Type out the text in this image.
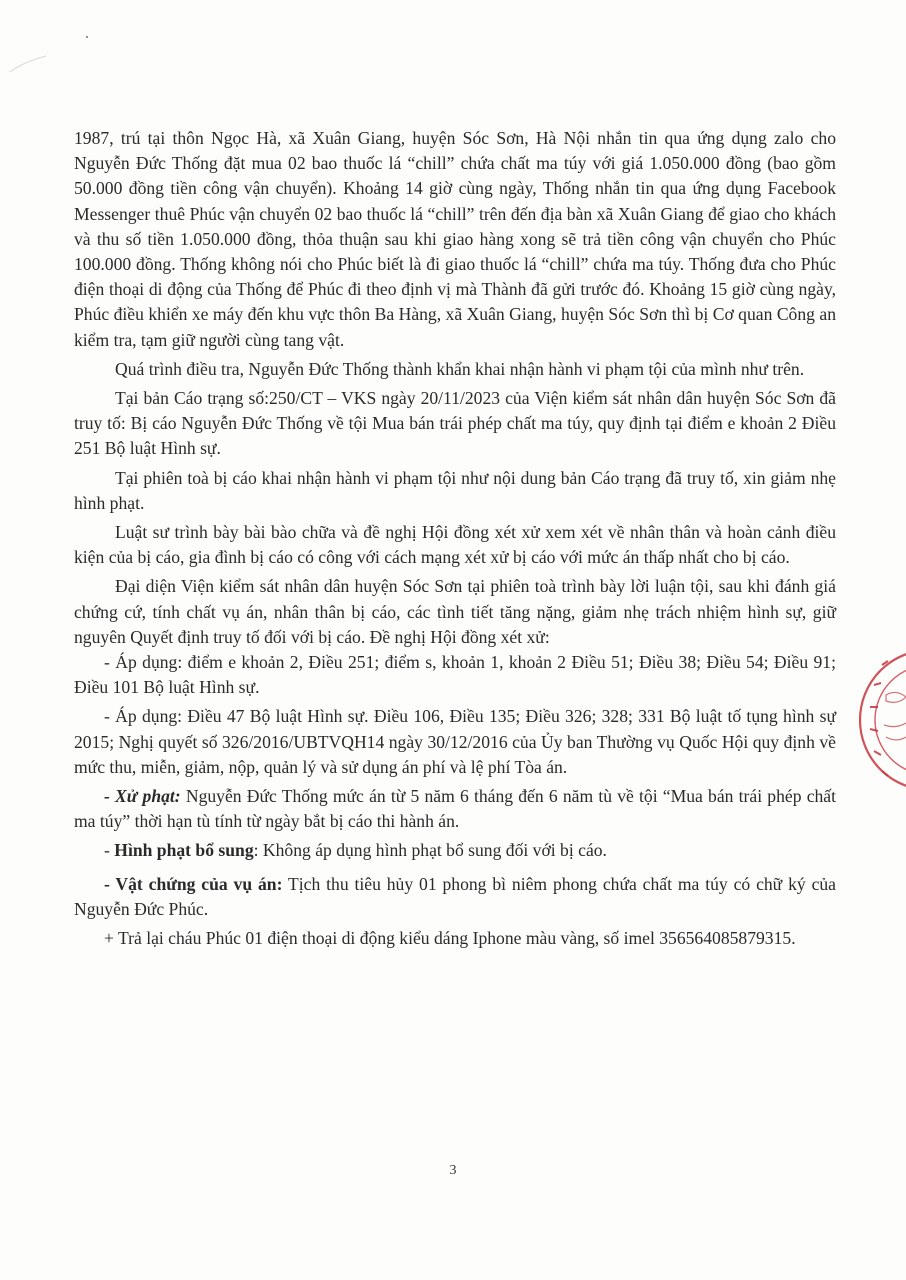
1987, trú tại thôn Ngọc Hà, xã Xuân Giang, huyện Sóc Sơn, Hà Nội nhắn tin qua ứng dụng zalo cho Nguyễn Đức Thống đặt mua 02 bao thuốc lá “chill” chứa chất ma túy với giá 1.050.000 đồng (bao gồm 50.000 đồng tiền công vận chuyển). Khoảng 14 giờ cùng ngày, Thống nhắn tin qua ứng dụng Facebook Messenger thuê Phúc vận chuyển 02 bao thuốc lá “chill” trên đến địa bàn xã Xuân Giang để giao cho khách và thu số tiền 1.050.000 đồng, thỏa thuận sau khi giao hàng xong sẽ trả tiền công vận chuyển cho Phúc 100.000 đồng. Thống không nói cho Phúc biết là đi giao thuốc lá “chill” chứa ma túy. Thống đưa cho Phúc điện thoại di động của Thống để Phúc đi theo định vị mà Thành đã gửi trước đó. Khoảng 15 giờ cùng ngày, Phúc điều khiển xe máy đến khu vực thôn Ba Hàng, xã Xuân Giang, huyện Sóc Sơn thì bị Cơ quan Công an kiểm tra, tạm giữ người cùng tang vật.

Quá trình điều tra, Nguyễn Đức Thống thành khẩn khai nhận hành vi phạm tội của mình như trên.

Tại bản Cáo trạng số:250/CT – VKS ngày 20/11/2023 của Viện kiểm sát nhân dân huyện Sóc Sơn đã truy tố: Bị cáo Nguyễn Đức Thống về tội Mua bán trái phép chất ma túy, quy định tại điểm e khoản 2 Điều 251 Bộ luật Hình sự.

Tại phiên toà bị cáo khai nhận hành vi phạm tội như nội dung bản Cáo trạng đã truy tố, xin giảm nhẹ hình phạt.

Luật sư trình bày bài bào chữa và đề nghị Hội đồng xét xử xem xét về nhân thân và hoàn cảnh điều kiện của bị cáo, gia đình bị cáo có công với cách mạng xét xử bị cáo với mức án thấp nhất cho bị cáo.

Đại diện Viện kiểm sát nhân dân huyện Sóc Sơn tại phiên toà trình bày lời luận tội, sau khi đánh giá chứng cứ, tính chất vụ án, nhân thân bị cáo, các tình tiết tăng nặng, giảm nhẹ trách nhiệm hình sự, giữ nguyên Quyết định truy tố đối với bị cáo. Đề nghị Hội đồng xét xử:

- Áp dụng: điểm e khoản 2, Điều 251; điểm s, khoản 1, khoản 2 Điều 51; Điều 38; Điều 54; Điều 91; Điều 101 Bộ luật Hình sự.

- Áp dụng: Điều 47 Bộ luật Hình sự. Điều 106, Điều 135; Điều 326; 328; 331 Bộ luật tố tụng hình sự 2015; Nghị quyết số 326/2016/UBTVQH14 ngày 30/12/2016 của Ủy ban Thường vụ Quốc Hội quy định về mức thu, miễn, giảm, nộp, quản lý và sử dụng án phí và lệ phí Tòa án.

- Xử phạt: Nguyễn Đức Thống mức án từ 5 năm 6 tháng đến 6 năm tù về tội “Mua bán trái phép chất ma túy” thời hạn tù tính từ ngày bắt bị cáo thi hành án.

- Hình phạt bổ sung: Không áp dụng hình phạt bổ sung đối với bị cáo.

- Vật chứng của vụ án: Tịch thu tiêu hủy 01 phong bì niêm phong chứa chất ma túy có chữ ký của Nguyễn Đức Phúc.

+ Trả lại cháu Phúc 01 điện thoại di động kiểu dáng Iphone màu vàng, số imel 356564085879315.

3
